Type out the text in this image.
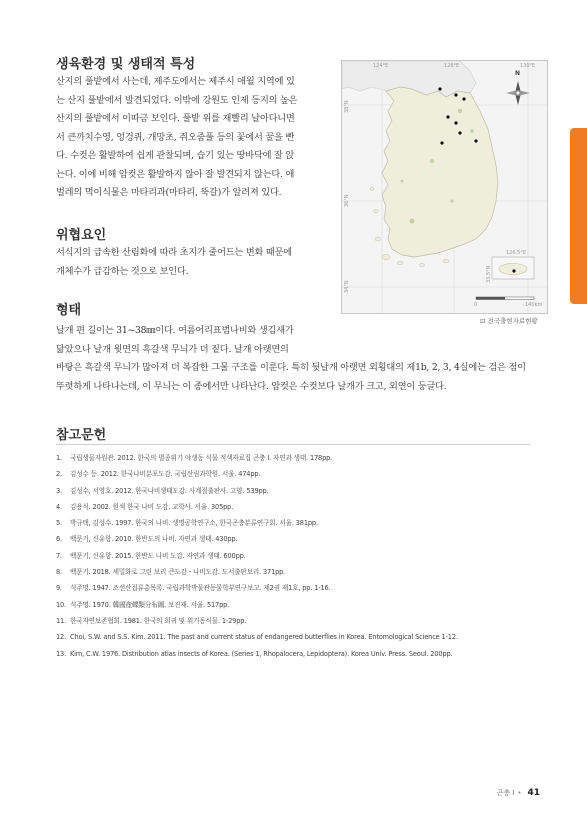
생육환경 및 생태적 특성
산지의 풀밭에서 사는데, 제주도에서는 제주시 애월 지역에 있
는 산지 풀밭에서 발견되었다. 이밖에 강원도 인제 등지의 높은
산지의 풀밭에서 이따금 보인다. 풀밭 위를 재빨리 날아다니면
서 큰까치수영, 엉겅퀴, 개망초, 쥐오줌풀 등의 꽃에서 꿀을 빤
다. 수컷은 활발하여 쉽게 관찰되며, 습기 있는 땅바닥에 잘 앉
는다. 이에 비해 암컷은 활발하지 않아 잘 발견되지 않는다. 애
벌레의 먹이식물은 마타리과(마타리, 뚝갈)가 알려져 있다.
위협요인
서식지의 급속한 산림화에 따라 초지가 줄어드는 변화 때문에
개체수가 급감하는 것으로 보인다.
형태
날개 편 길이는 31~38㎜이다. 여름어리표범나비와 생김새가
닮았으나 날개 윗면의 흑갈색 무늬가 더 짙다. 날개 아랫면의
바탕은 흑갈색 무늬가 많아져 더 복잡한 그물 구조를 이룬다. 특히 뒷날개 아랫면 외횡대의 제1b, 2, 3, 4실에는 검은 점이
뚜렷하게 나타나는데, 이 무늬는 이 종에서만 나타난다. 암컷은 수컷보다 날개가 크고, 외연이 둥글다.
124°E	128°E	130°E
38°N
36°N
34°N
33.5°N
126.5°E
0	140km
N
⊡ 전국출현자료현황
참고문헌
1. 국립생물자원관. 2012. 한국의 멸종위기 야생동 식물 적색자료집 곤충 I. 자연과 생태. 178pp.
2. 김성수 등. 2012. 한국나비분포도감. 국립산림과학원. 서울. 474pp.
3. 김성수, 서영호. 2012. 한국나비생태도감. 사계절출판사. 고양. 539pp.
4. 김용식. 2002. 원색 한국 나비 도감. 교학사. 서울. 305pp.
5. 박규택, 김성수. 1997. 한국의 나비. 생명공학연구소, 한국곤충분류연구회. 서울. 381pp.
6. 백문기, 신유항. 2010. 한반도의 나비. 자연과 생태. 430pp.
7. 백문기, 신유항. 2015. 한반도 나비 도감. 자연과 생태. 600pp.
8. 백문기. 2018. 세밀화로 그린 보리 큰도감 - 나비도감. 도서출판보리. 371pp.
9. 석주명. 1947. 조선산접류총목록. 국립과학박물관동물학부연구보고. 제2권 제1호, pp. 1-16.
10. 석주명. 1970. 韓國産蝶類分布圖. 보진재. 서울. 517pp.
11. 한국자연보존협회. 1981. 한국의 희귀 및 위기동식물. 1-29pp.
12. Choi, S.W. and S.S. Kim. 2011. The past and current status of endangered butterflies in Korea. Entomological Science 1-12.
13. Kim, C.W. 1976. Distribution atlas insects of Korea. (Series 1, Rhopalocera, Lepidoptera). Korea Univ. Press. Seoul. 200pp.
곤충 I • 41
